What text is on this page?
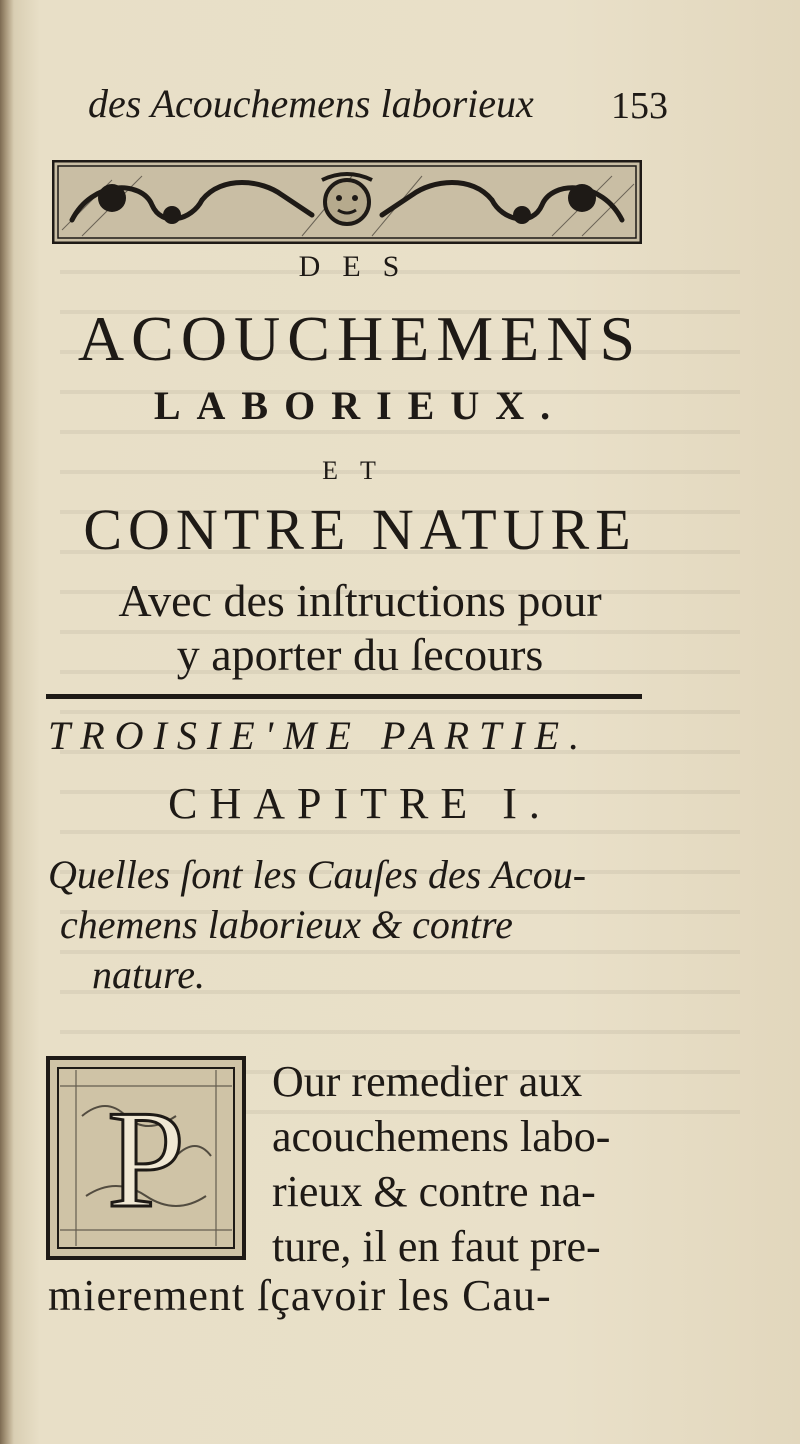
des Acouchemens laborieux 153
DES
ACOUCHEMENS
LABORIEUX.
ET
CONTRE NATURE
Avec des inſtructions pour
y aporter du ſecours
TROISIE'ME PARTIE.
CHAPITRE I.
Quelles ſont les Cauſes des Acou-
chemens laborieux & contre
nature.
P
Our remedier aux
acouchemens labo-
rieux & contre na-
ture, il en faut pre-
mierement ſçavoir les Cau-
